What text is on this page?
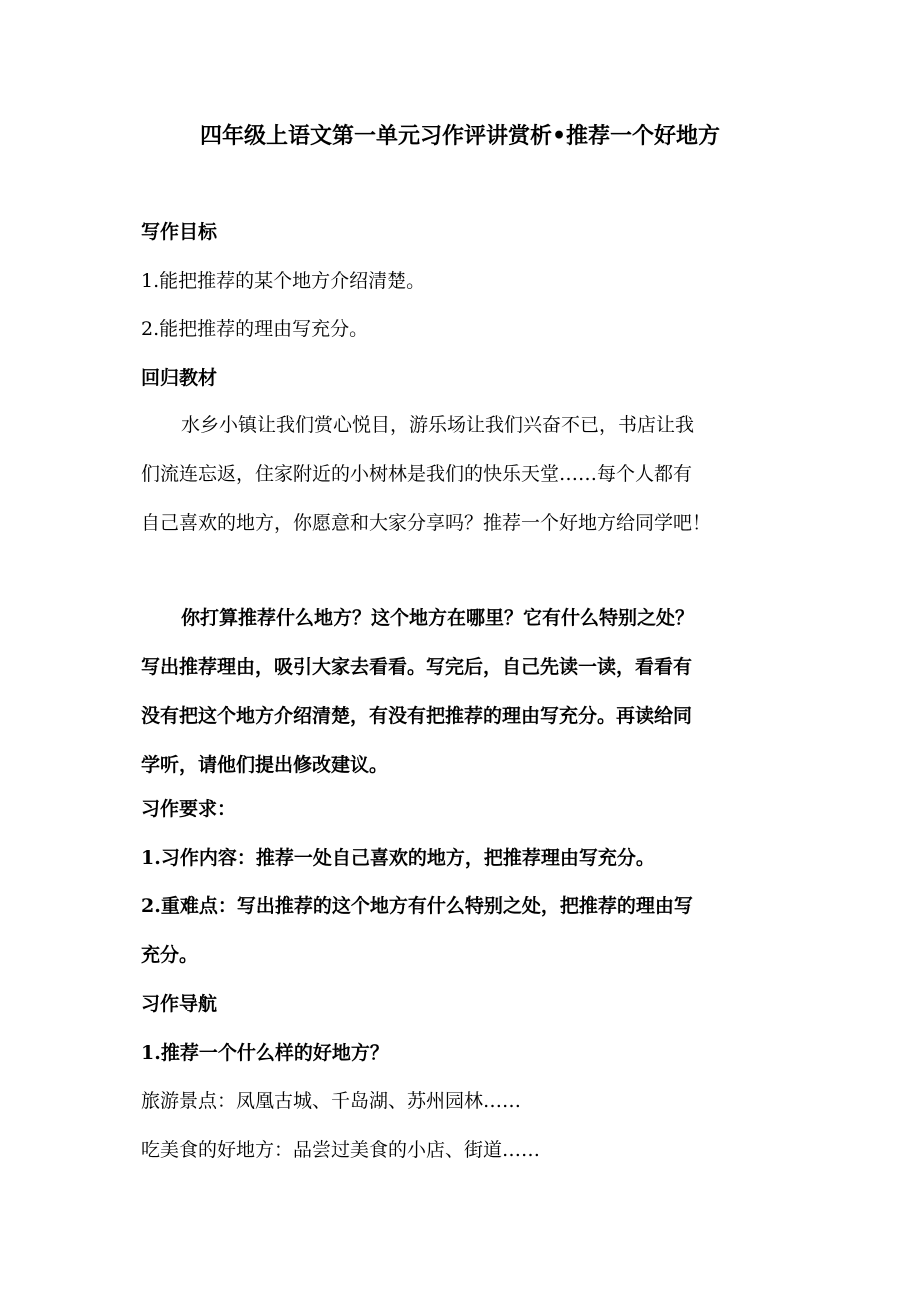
四年级上语文第一单元习作评讲赏析•推荐一个好地方
写作目标
1.能把推荐的某个地方介绍清楚。
2.能把推荐的理由写充分。
回归教材
水乡小镇让我们赏心悦目，游乐场让我们兴奋不已，书店让我
们流连忘返，住家附近的小树林是我们的快乐天堂……每个人都有
自己喜欢的地方，你愿意和大家分享吗？推荐一个好地方给同学吧！
你打算推荐什么地方？这个地方在哪里？它有什么特别之处？
写出推荐理由，吸引大家去看看。写完后，自己先读一读，看看有
没有把这个地方介绍清楚，有没有把推荐的理由写充分。再读给同
学听，请他们提出修改建议。
习作要求：
1.习作内容：推荐一处自己喜欢的地方，把推荐理由写充分。
2.重难点：写出推荐的这个地方有什么特别之处，把推荐的理由写
充分。
习作导航
1.推荐一个什么样的好地方？
旅游景点：凤凰古城、千岛湖、苏州园林……
吃美食的好地方：品尝过美食的小店、街道……
